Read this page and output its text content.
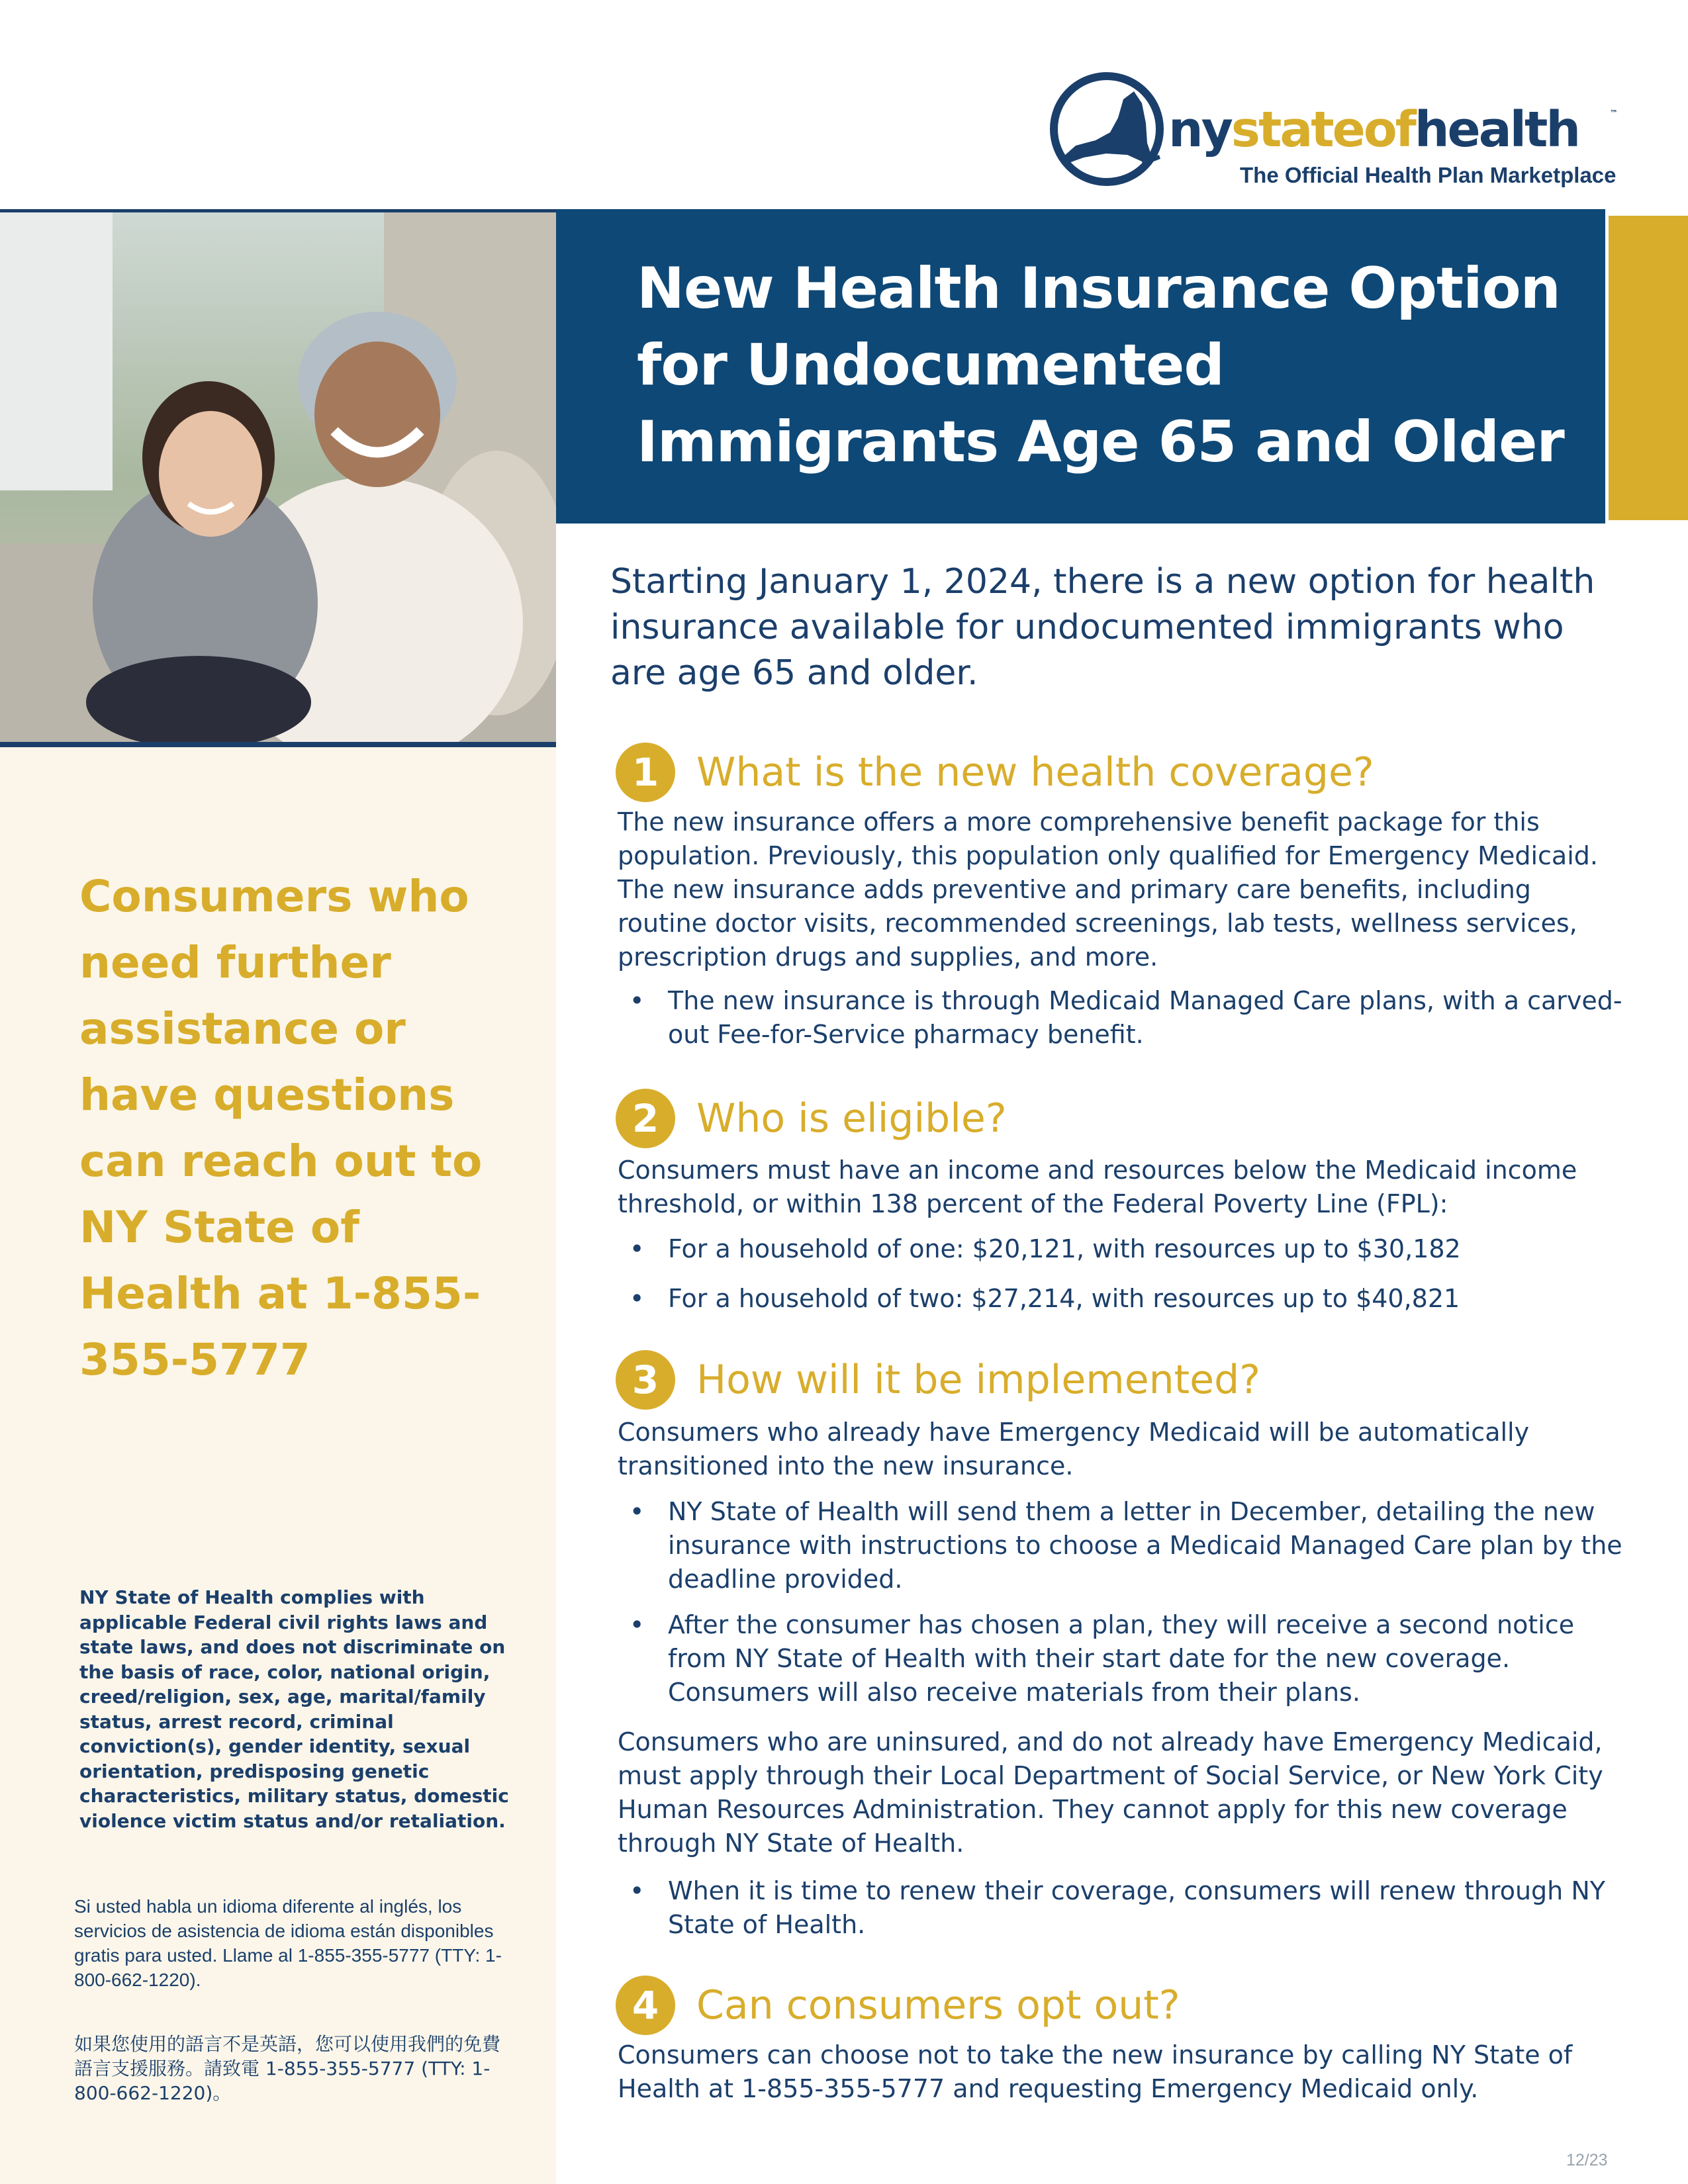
nystateofhealth	™
The Official Health Plan Marketplace
New Health Insurance Option for Undocumented Immigrants Age 65 and Older

Consumers who need further assistance or have questions can reach out to NY State of Health at 1-855-355-5777

NY State of Health complies with applicable Federal civil rights laws and state laws, and does not discriminate on the basis of race, color, national origin, creed/religion, sex, age, marital/family status, arrest record, criminal conviction(s), gender identity, sexual orientation, predisposing genetic characteristics, military status, domestic violence victim status and/or retaliation.

Si usted habla un idioma diferente al inglés, los servicios de asistencia de idioma están disponibles gratis para usted. Llame al 1-855-355-5777 (TTY: 1-800-662-1220).

如果您使用的語言不是英語，您可以使用我們的免費語言支援服務。請致電 1-855-355-5777 (TTY: 1-800-662-1220)。

Starting January 1, 2024, there is a new option for health insurance available for undocumented immigrants who are age 65 and older.

1 What is the new health coverage?

The new insurance offers a more comprehensive benefit package for this population. Previously, this population only qualified for Emergency Medicaid. The new insurance adds preventive and primary care benefits, including routine doctor visits, recommended screenings, lab tests, wellness services, prescription drugs and supplies, and more.

• The new insurance is through Medicaid Managed Care plans, with a carved-out Fee-for-Service pharmacy benefit.
2 Who is eligible?

Consumers must have an income and resources below the Medicaid income threshold, or within 138 percent of the Federal Poverty Line (FPL):

• For a household of one: $20,121, with resources up to $30,182
• For a household of two: $27,214, with resources up to $40,821
3 How will it be implemented?

Consumers who already have Emergency Medicaid will be automatically transitioned into the new insurance.

• NY State of Health will send them a letter in December, detailing the new insurance with instructions to choose a Medicaid Managed Care plan by the deadline provided.
• After the consumer has chosen a plan, they will receive a second notice from NY State of Health with their start date for the new coverage. Consumers will also receive materials from their plans.

Consumers who are uninsured, and do not already have Emergency Medicaid, must apply through their Local Department of Social Service, or New York City Human Resources Administration. They cannot apply for this new coverage through NY State of Health.

• When it is time to renew their coverage, consumers will renew through NY State of Health.
4 Can consumers opt out?

Consumers can choose not to take the new insurance by calling NY State of Health at 1-855-355-5777 and requesting Emergency Medicaid only.

12/23
